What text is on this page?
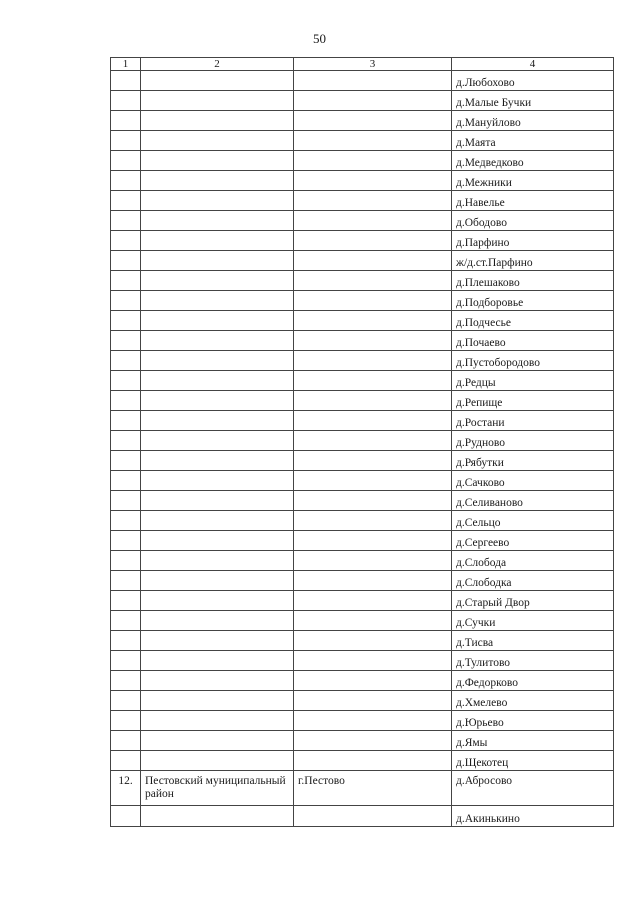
50
1	2	3	4
			д.Любохово
			д.Малые Бучки
			д.Мануйлово
			д.Маята
			д.Медведково
			д.Межники
			д.Навелье
			д.Ободово
			д.Парфино
			ж/д.ст.Парфино
			д.Плешаково
			д.Подборовье
			д.Подчесье
			д.Почаево
			д.Пустобородово
			д.Редцы
			д.Репище
			д.Ростани
			д.Рудново
			д.Рябутки
			д.Сачково
			д.Селиваново
			д.Сельцо
			д.Сергеево
			д.Слобода
			д.Слободка
			д.Старый Двор
			д.Сучки
			д.Тисва
			д.Тулитово
			д.Федорково
			д.Хмелево
			д.Юрьево
			д.Ямы
			д.Щекотец
12.	Пестовский муниципальный район	г.Пестово	д.Абросово
			д.Акинькино
